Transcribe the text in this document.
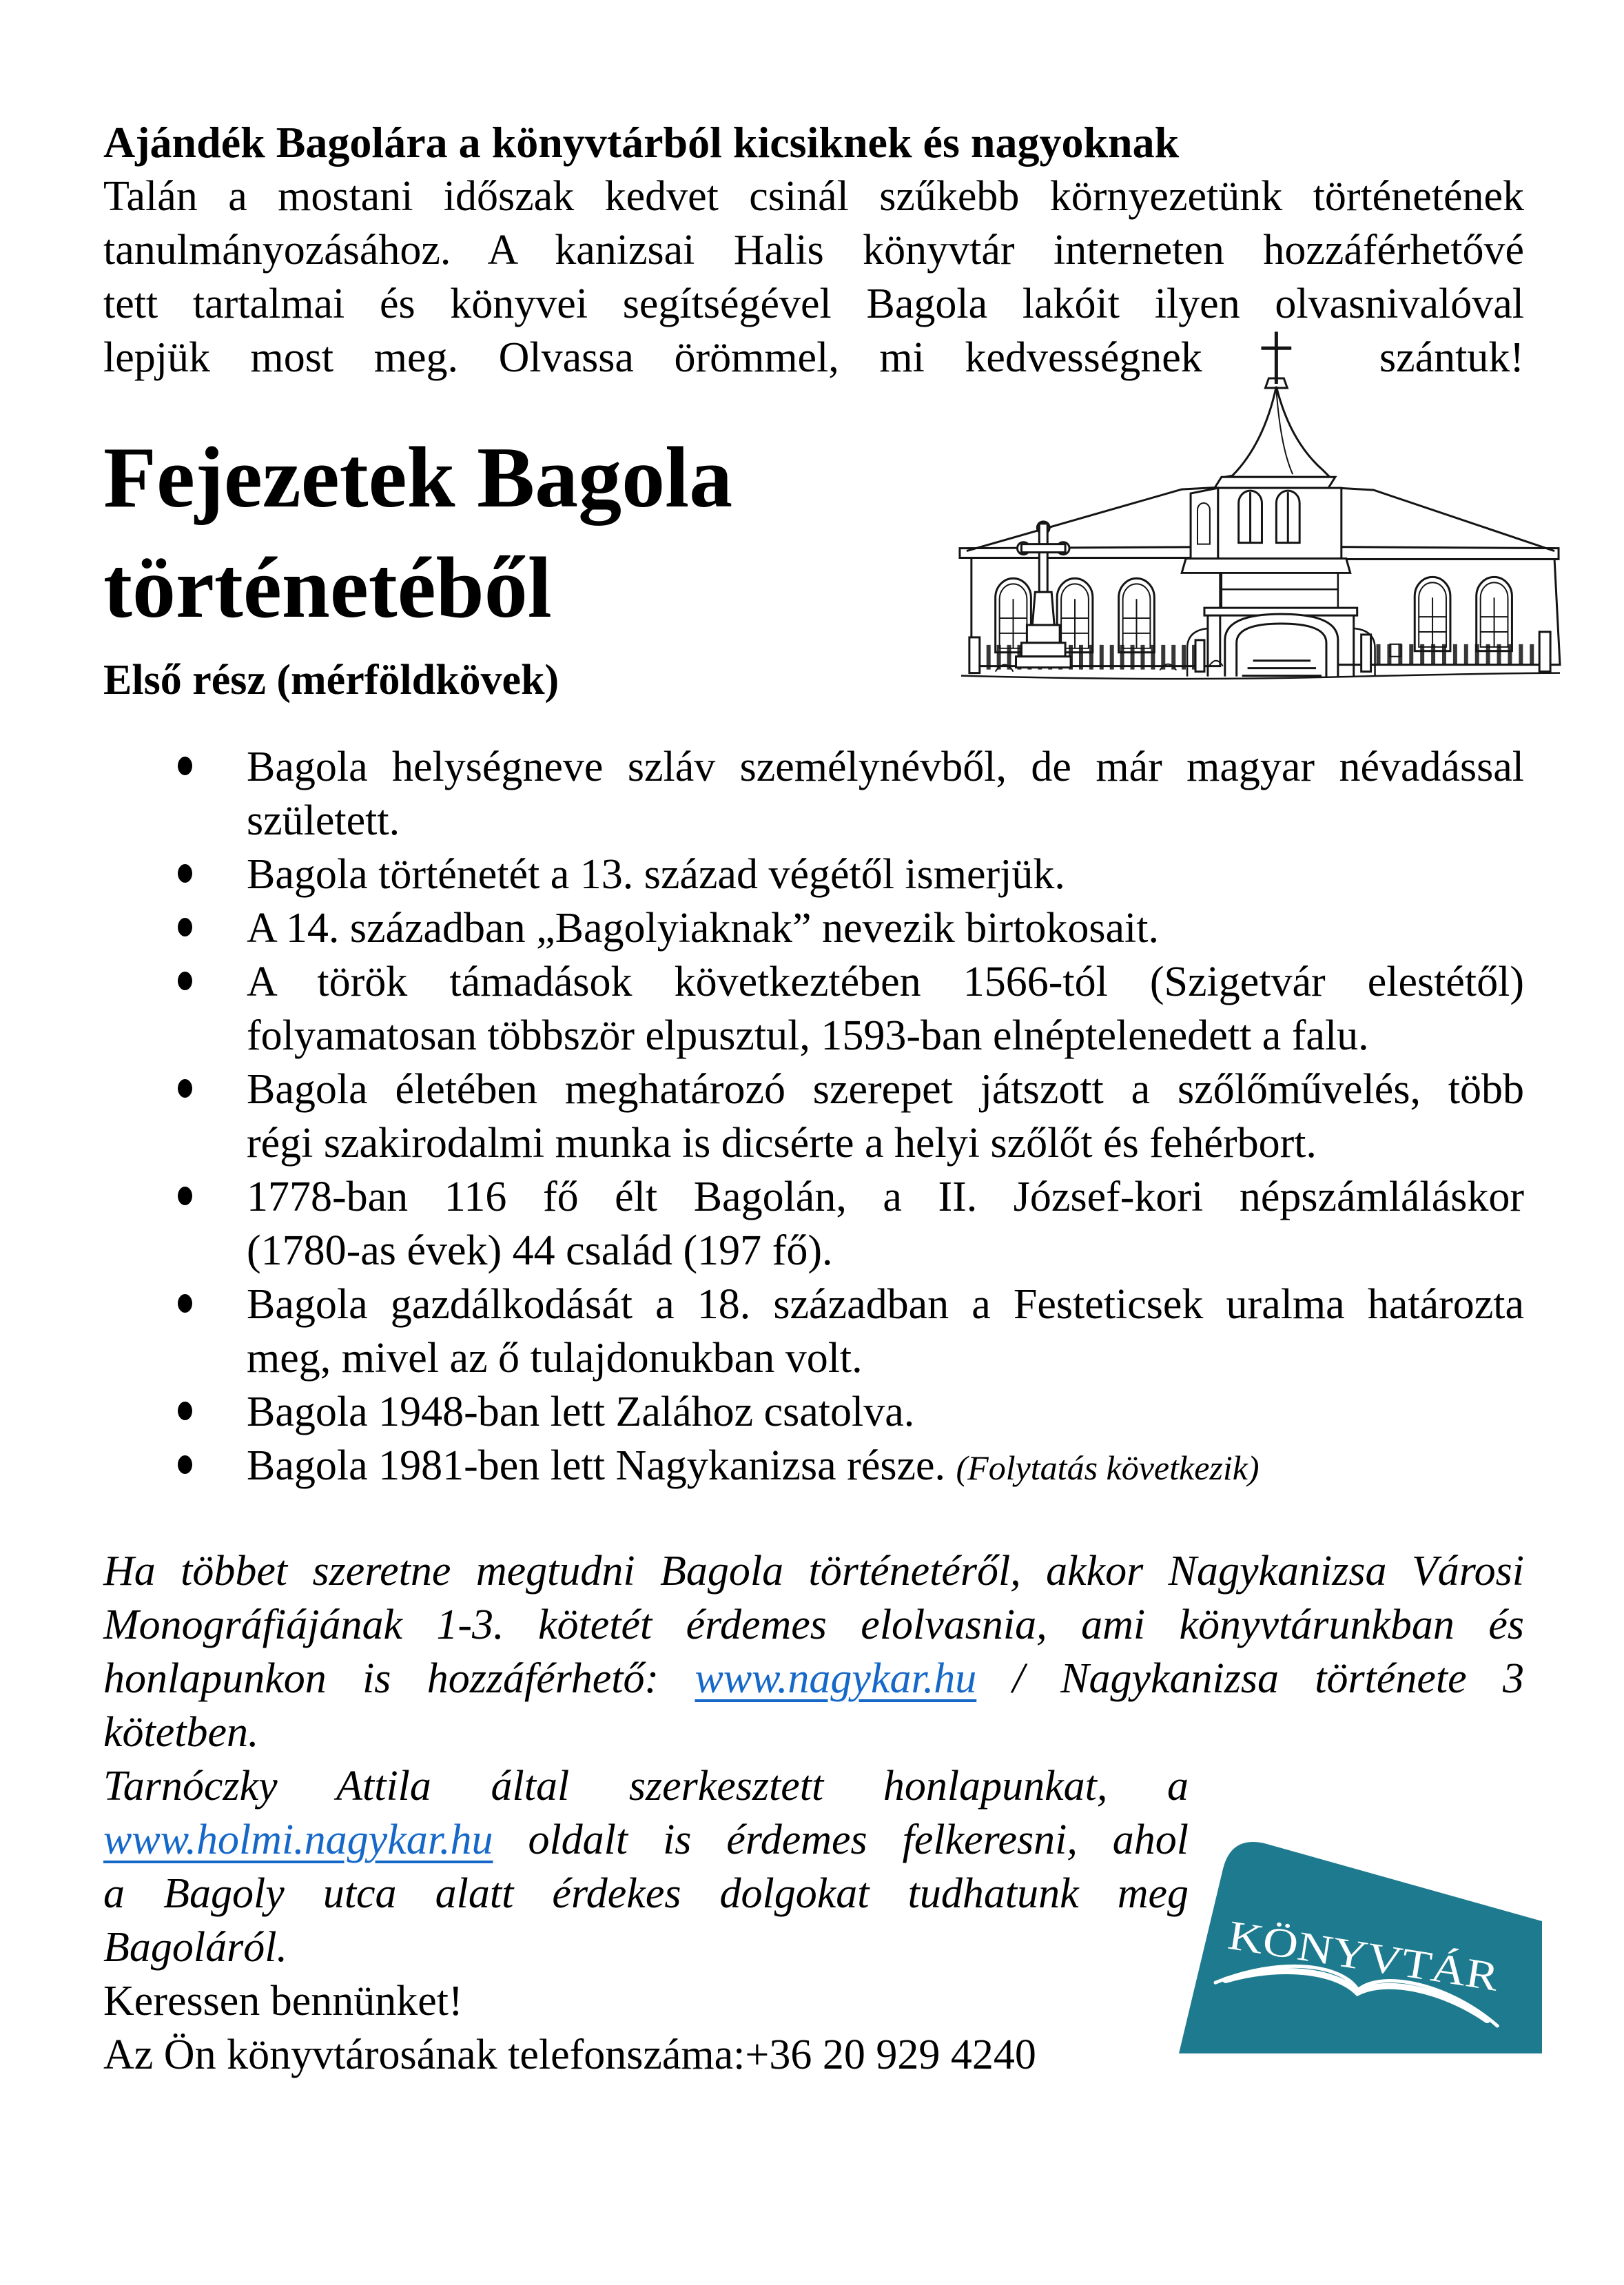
Ajándék Bagolára a könyvtárból kicsiknek és nagyoknak
Talán a mostani időszak kedvet csinál szűkebb környezetünk történetének
tanulmányozásához. A kanizsai Halis könyvtár interneten hozzáférhetővé
tett tartalmai és könyvei segítségével Bagola lakóit ilyen olvasnivalóval
lepjük most meg. Olvassa örömmel, mi kedvességnek	szántuk!
Fejezetek Bagola
történetéből
Első rész (mérföldkövek)
Bagola helységneve szláv személynévből, de már magyar névadással
született.
Bagola történetét a 13. század végétől ismerjük.
A 14. században „Bagolyiaknak” nevezik birtokosait.
A török támadások következtében 1566-tól (Szigetvár elestétől)
folyamatosan többször elpusztul, 1593-ban elnéptelenedett a falu.
Bagola életében meghatározó szerepet játszott a szőlőművelés, több
régi szakirodalmi munka is dicsérte a helyi szőlőt és fehérbort.
1778-ban 116 fő élt Bagolán, a II. József-kori népszámláláskor
(1780-as évek) 44 család (197 fő).
Bagola gazdálkodását a 18. században a Festeticsek uralma határozta
meg, mivel az ő tulajdonukban volt.
Bagola 1948-ban lett Zalához csatolva.
Bagola 1981-ben lett Nagykanizsa része. (Folytatás következik)
Ha többet szeretne megtudni Bagola történetéről, akkor Nagykanizsa Városi
Monográfiájának 1-3. kötetét érdemes elolvasnia, ami könyvtárunkban és
honlapunkon is hozzáférhető: www.nagykar.hu / Nagykanizsa története 3
kötetben.
Tarnóczky Attila által szerkesztett honlapunkat, a
www.holmi.nagykar.hu oldalt is érdemes felkeresni, ahol
a Bagoly utca alatt érdekes dolgokat tudhatunk meg
Bagoláról.
Keressen bennünket!
Az Ön könyvtárosának telefonszáma:+36 20 929 4240
KÖNYVTÁR
